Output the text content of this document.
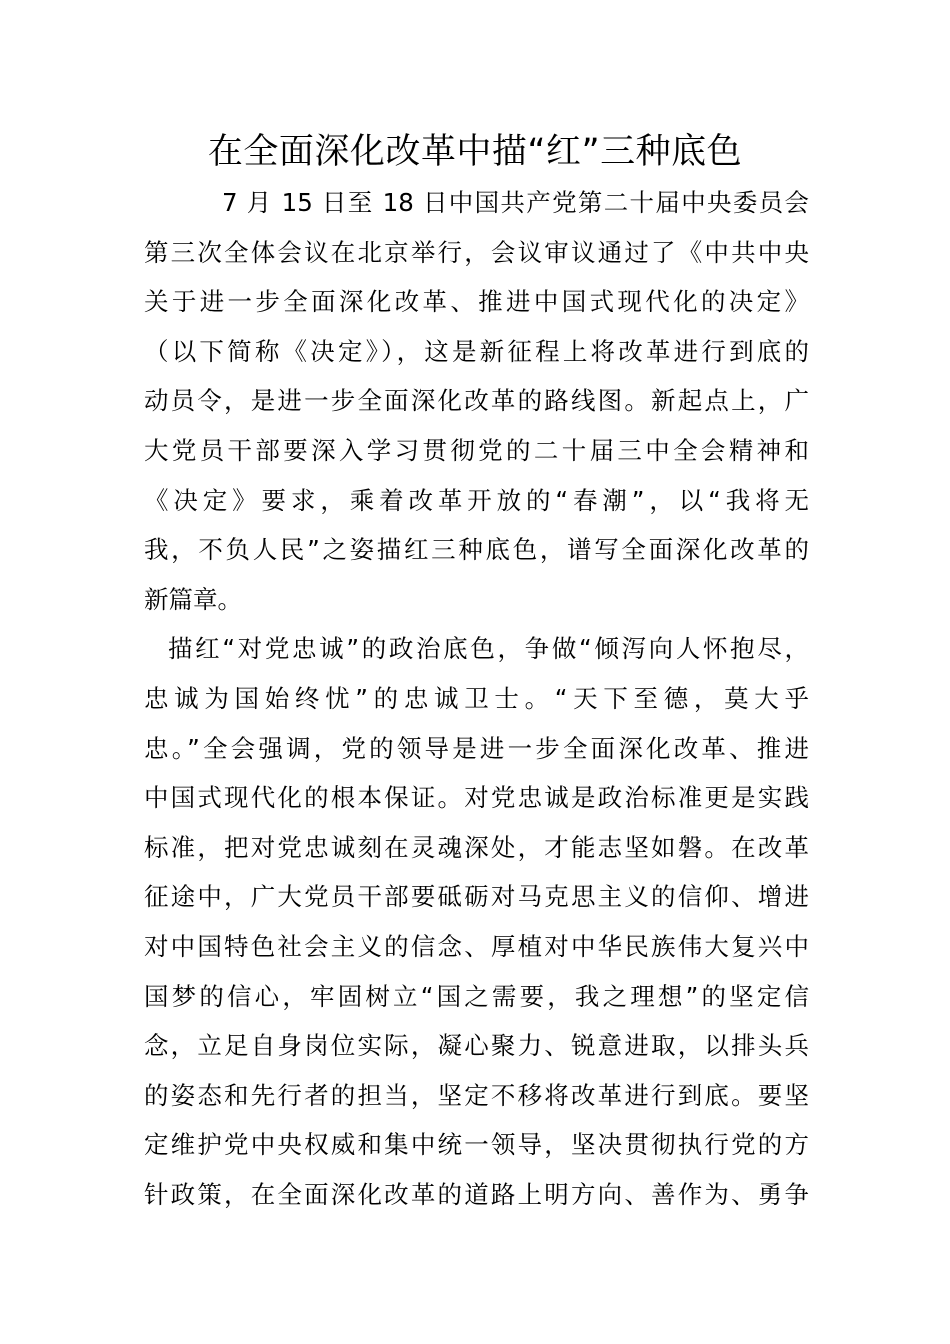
在全面深化改革中描“红”三种底色
7 月 15 日至 18 日中国共产党第二十届中央委员会
第三次全体会议在北京举行，会议审议通过了《中共中央
关于进一步全面深化改革、推进中国式现代化的决定》
（以下简称《决定》），这是新征程上将改革进行到底的
动员令，是进一步全面深化改革的路线图。新起点上，广
大党员干部要深入学习贯彻党的二十届三中全会精神和
《决定》要求，乘着改革开放的“春潮”，以“我将无
我，不负人民”之姿描红三种底色，谱写全面深化改革的
新篇章。
描红“对党忠诚”的政治底色，争做“倾泻向人怀抱尽，
忠诚为国始终忧”的忠诚卫士。“天下至德，莫大乎
忠。”全会强调，党的领导是进一步全面深化改革、推进
中国式现代化的根本保证。对党忠诚是政治标准更是实践
标准，把对党忠诚刻在灵魂深处，才能志坚如磐。在改革
征途中，广大党员干部要砥砺对马克思主义的信仰、增进
对中国特色社会主义的信念、厚植对中华民族伟大复兴中
国梦的信心，牢固树立“国之需要，我之理想”的坚定信
念，立足自身岗位实际，凝心聚力、锐意进取，以排头兵
的姿态和先行者的担当，坚定不移将改革进行到底。要坚
定维护党中央权威和集中统一领导，坚决贯彻执行党的方
针政策，在全面深化改革的道路上明方向、善作为、勇争
